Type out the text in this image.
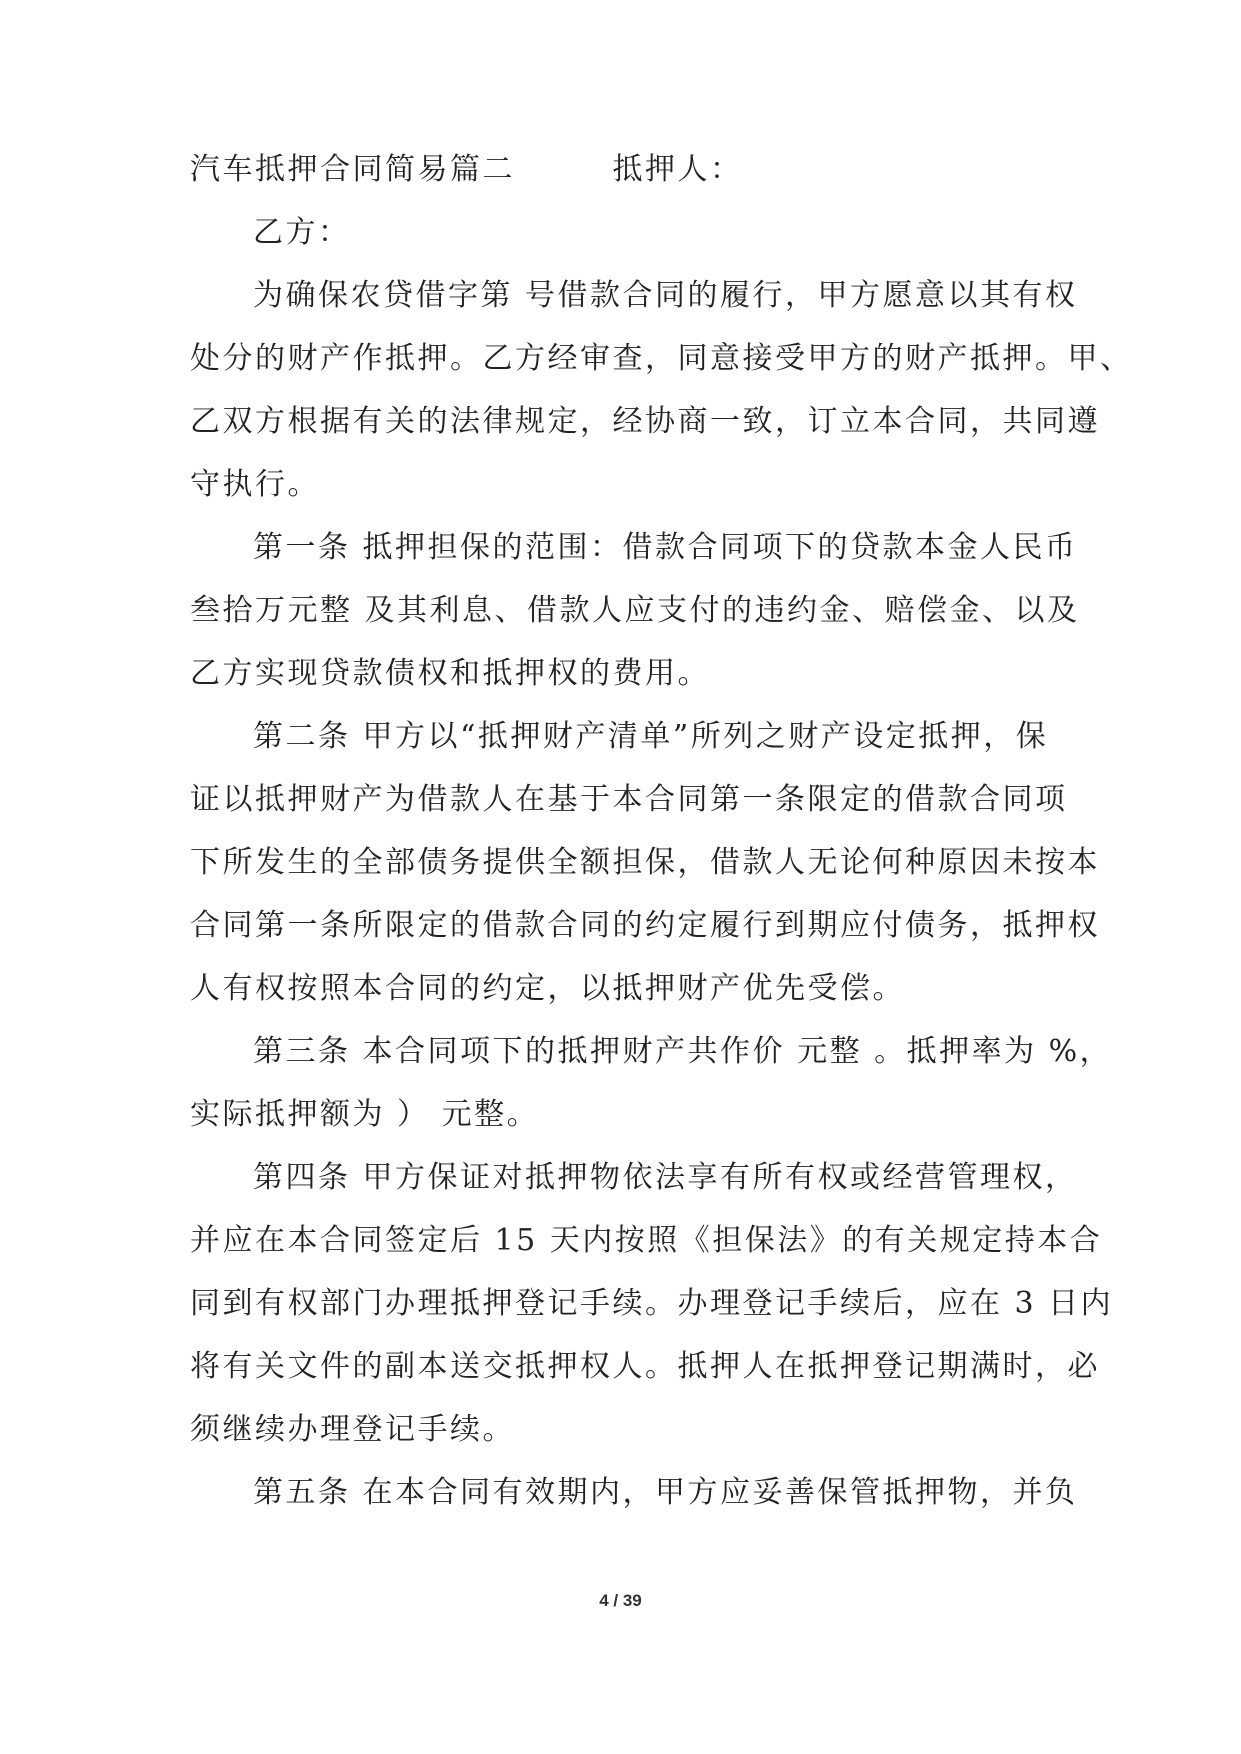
汽车抵押合同简易篇二　　　抵押人：

乙方：

为确保农贷借字第 号借款合同的履行，甲方愿意以其有权

处分的财产作抵押。乙方经审查，同意接受甲方的财产抵押。甲、

乙双方根据有关的法律规定，经协商一致，订立本合同，共同遵

守执行。

第一条 抵押担保的范围：借款合同项下的贷款本金人民币

叁拾万元整 及其利息、借款人应支付的违约金、赔偿金、以及

乙方实现贷款债权和抵押权的费用。

第二条 甲方以“抵押财产清单”所列之财产设定抵押，保

证以抵押财产为借款人在基于本合同第一条限定的借款合同项

下所发生的全部债务提供全额担保，借款人无论何种原因未按本

合同第一条所限定的借款合同的约定履行到期应付债务，抵押权

人有权按照本合同的约定，以抵押财产优先受偿。

第三条 本合同项下的抵押财产共作价 元整 。抵押率为 %，

实际抵押额为 ） 元整。

第四条 甲方保证对抵押物依法享有所有权或经营管理权，

并应在本合同签定后 15 天内按照《担保法》的有关规定持本合

同到有权部门办理抵押登记手续。办理登记手续后，应在 3 日内

将有关文件的副本送交抵押权人。抵押人在抵押登记期满时，必

须继续办理登记手续。

第五条 在本合同有效期内，甲方应妥善保管抵押物，并负

4 / 39
